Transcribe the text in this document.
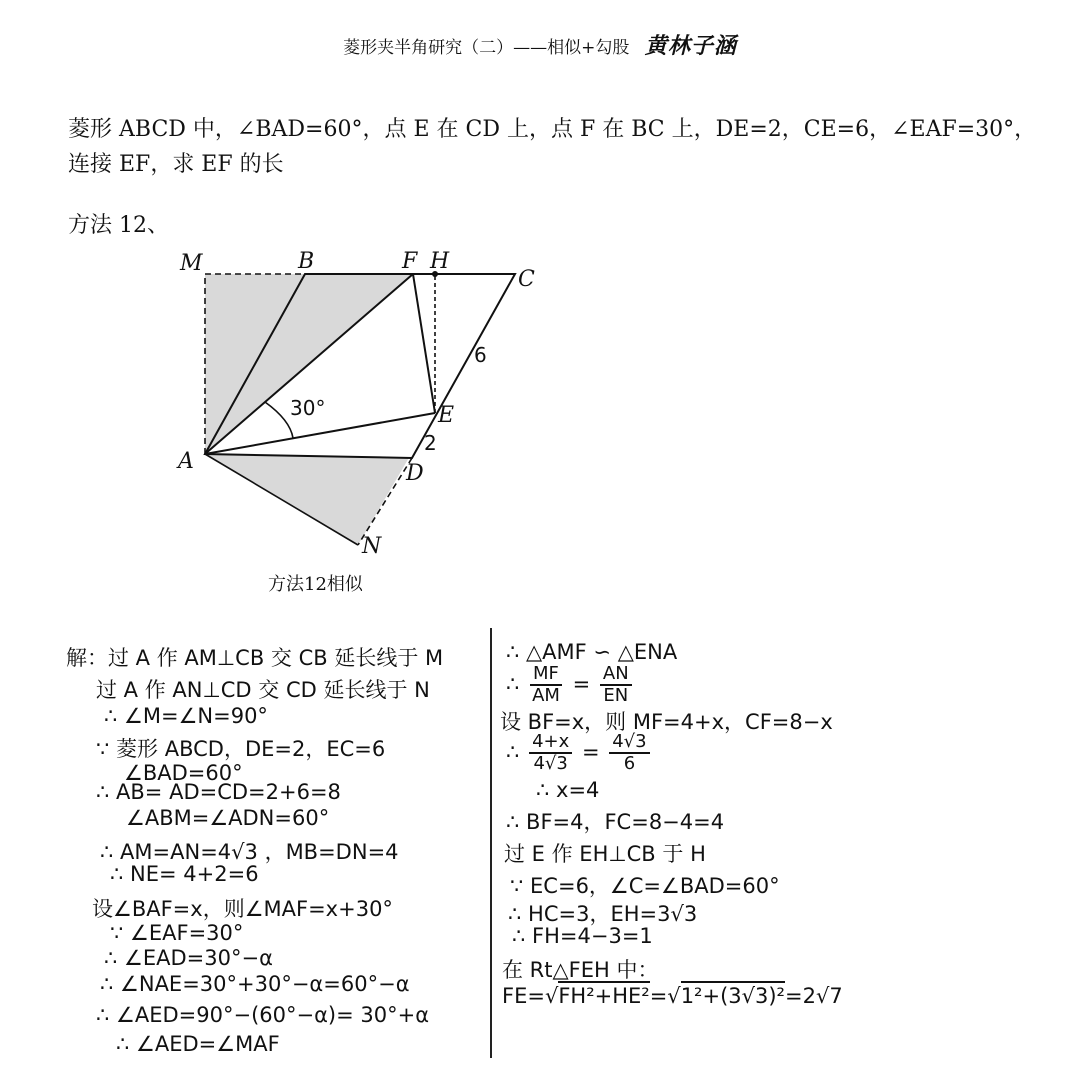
菱形夹半角研究（二）——相似+勾股 黄林子涵
菱形 ABCD 中，∠BAD=60°，点 E 在 CD 上，点 F 在 BC 上，DE=2，CE=6，∠EAF=30°，
连接 EF，求 EF 的长
方法 12、
M	B	F H
C
A
E
D
N
30°
6
2
方法12相似
解：过 A 作 AM⊥CB 交 CB 延长线于 M
过 A 作 AN⊥CD 交 CD 延长线于 N
∴ ∠M=∠N=90°
∵ 菱形 ABCD，DE=2，EC=6
∠BAD=60°
∴ AB= AD=CD=2+6=8
∠ABM=∠ADN=60°
∴ AM=AN=4√3 ，MB=DN=4
∴ NE= 4+2=6
设∠BAF=x，则∠MAF=x+30°
∵ ∠EAF=30°
∴ ∠EAD=30°−α
∴ ∠NAE=30°+30°−α=60°−α
∴ ∠AED=90°−(60°−α)= 30°+α
∴ ∠AED=∠MAF
∴ △AMF ∽ △ENA
∴ $\frac{MF}{AM} = \frac{AN}{EN}$
设 BF=x，则 MF=4+x，CF=8−x
∴ $\frac{4+x}{4√3} = \frac{4√3}{6}$
∴ x=4
∴ BF=4，FC=8−4=4
过 E 作 EH⊥CB 于 H
∵ EC=6，∠C=∠BAD=60°
∴ HC=3，EH=3√3
∴ FH=4−3=1
在 Rt△FEH 中：
FE=√FH²+HE²=√1²+(3√3)²=2√7
